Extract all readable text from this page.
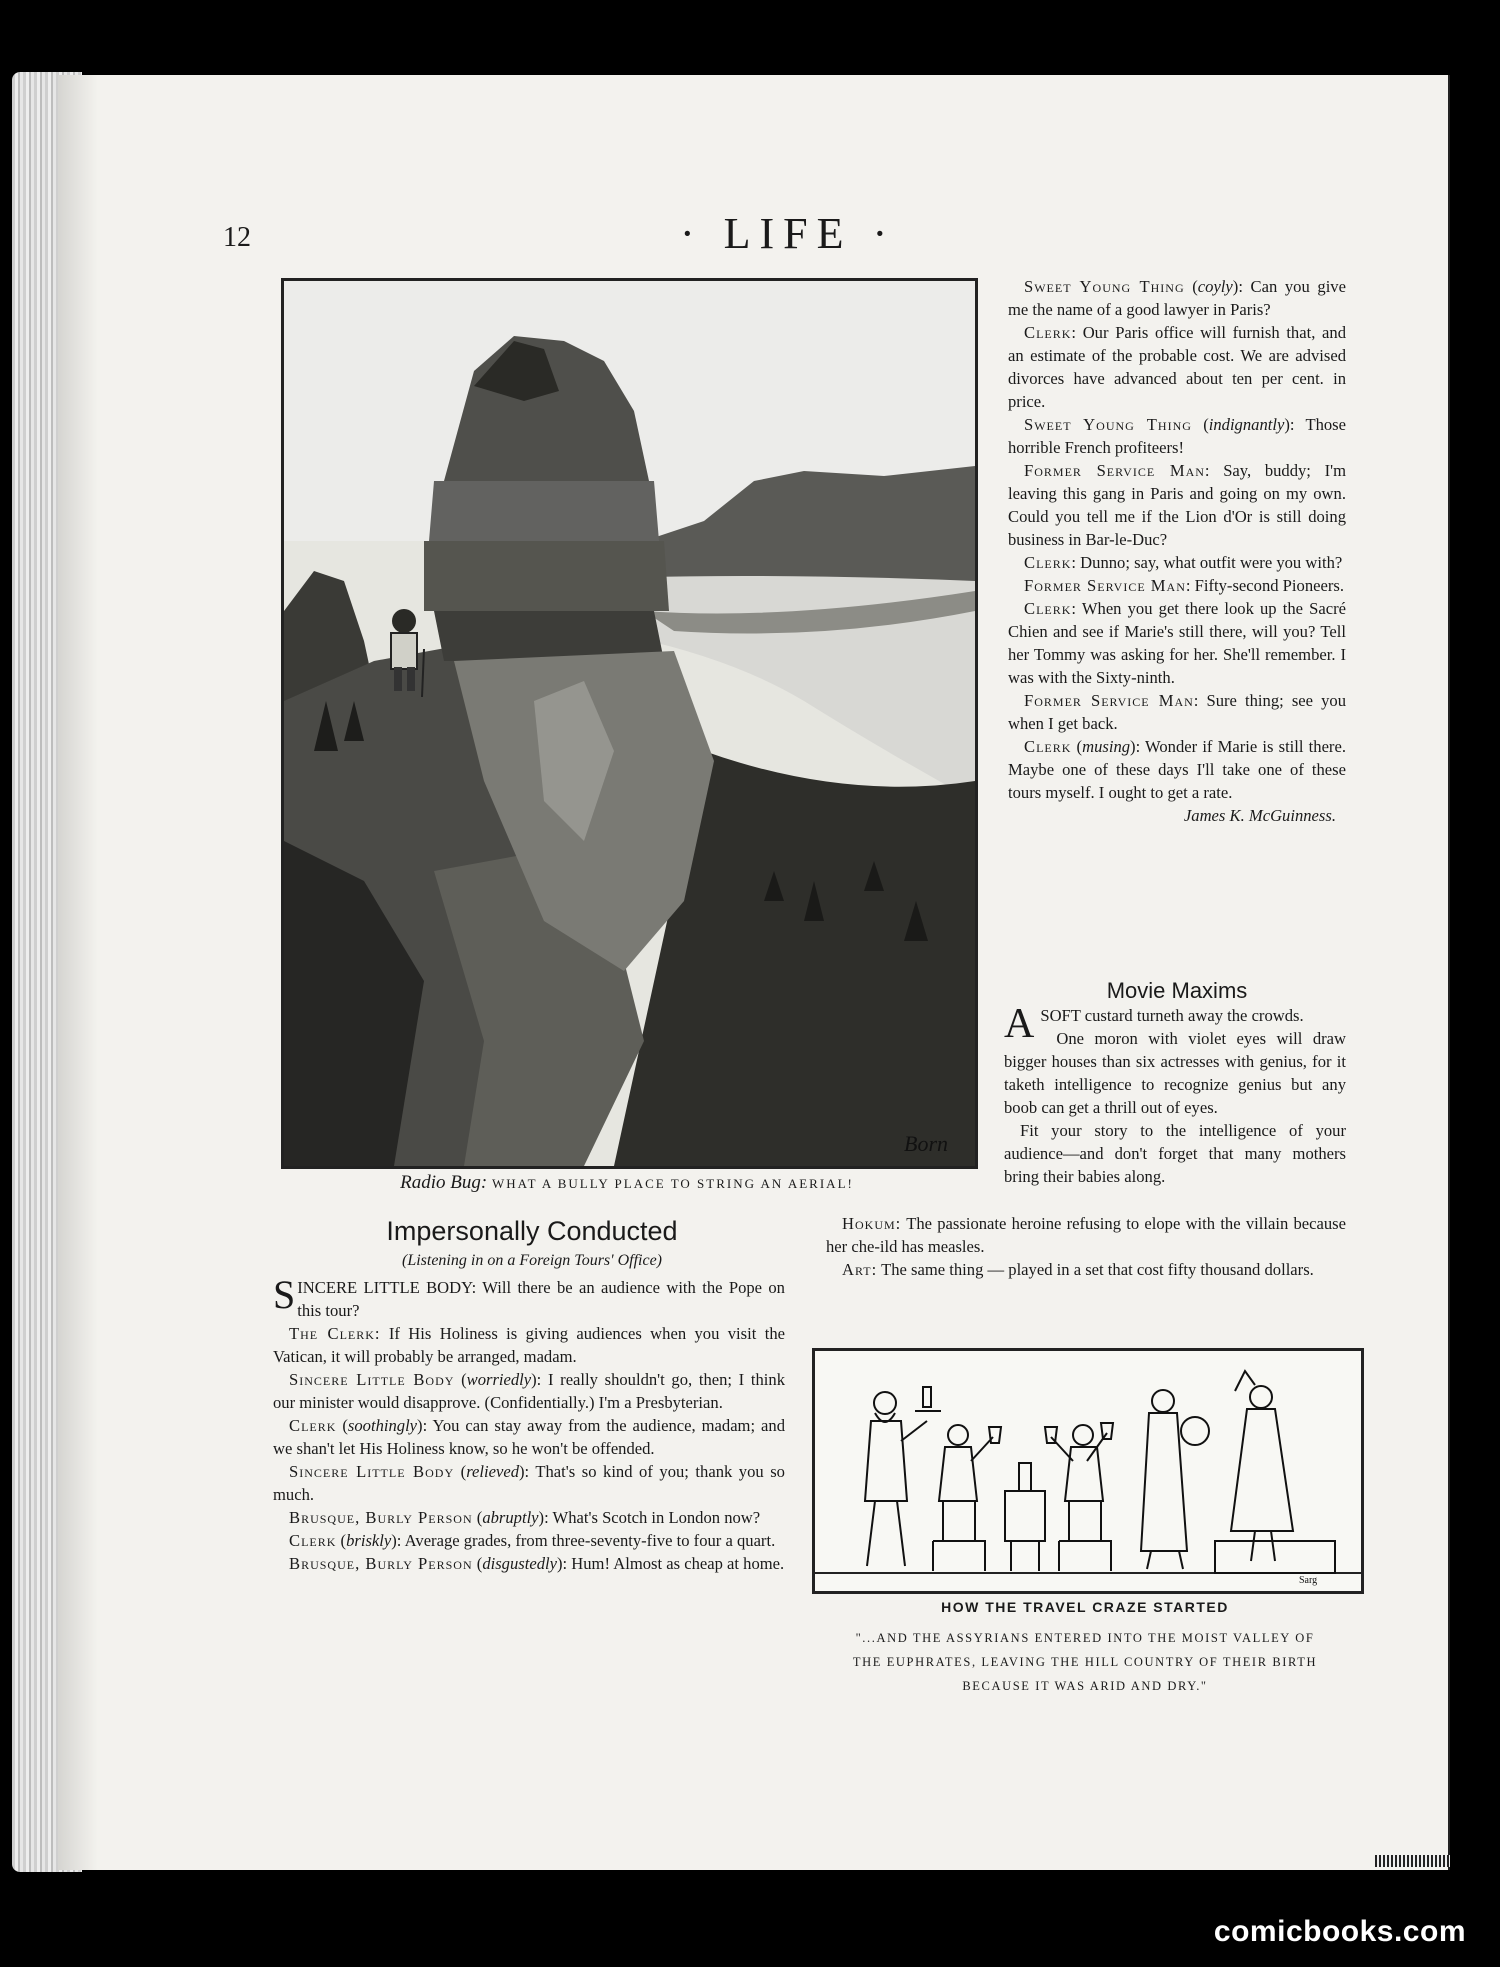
12	· LIFE ·
Born
Radio Bug: WHAT A BULLY PLACE TO STRING AN AERIAL!

Sweet Young Thing (coyly): Can you give me the name of a good lawyer in Paris?

Clerk: Our Paris office will furnish that, and an estimate of the probable cost. We are advised divorces have advanced about ten per cent. in price.

Sweet Young Thing (indignantly): Those horrible French profiteers!

Former Service Man: Say, buddy; I'm leaving this gang in Paris and going on my own. Could you tell me if the Lion d'Or is still doing business in Bar-le-Duc?

Clerk: Dunno; say, what outfit were you with?

Former Service Man: Fifty-second Pioneers.

Clerk: When you get there look up the Sacré Chien and see if Marie's still there, will you? Tell her Tommy was asking for her. She'll remember. I was with the Sixty-ninth.

Former Service Man: Sure thing; see you when I get back.

Clerk (musing): Wonder if Marie is still there. Maybe one of these days I'll take one of these tours myself. I ought to get a rate.

James K. McGuinness.

Movie Maxims

ASOFT custard turneth away the crowds.

One moron with violet eyes will draw bigger houses than six actresses with genius, for it taketh intelligence to recognize genius but any boob can get a thrill out of eyes.

Fit your story to the intelligence of your audience—and don't forget that many mothers bring their babies along.

Hokum: The passionate heroine refusing to elope with the villain because her che-ild has measles.

Art: The same thing — played in a set that cost fifty thousand dollars.

Impersonally Conducted
(Listening in on a Foreign Tours' Office)

SINCERE LITTLE BODY: Will there be an audience with the Pope on this tour?

The Clerk: If His Holiness is giving audiences when you visit the Vatican, it will probably be arranged, madam.

Sincere Little Body (worriedly): I really shouldn't go, then; I think our minister would disapprove. (Confidentially.) I'm a Presbyterian.

Clerk (soothingly): You can stay away from the audience, madam; and we shan't let His Holiness know, so he won't be offended.

Sincere Little Body (relieved): That's so kind of you; thank you so much.

Brusque, Burly Person (abruptly): What's Scotch in London now?

Clerk (briskly): Average grades, from three-seventy-five to four a quart.

Brusque, Burly Person (disgustedly): Hum! Almost as cheap at home.

Sarg
HOW THE TRAVEL CRAZE STARTED
"...AND THE ASSYRIANS ENTERED INTO THE MOIST VALLEY OF
THE EUPHRATES, LEAVING THE HILL COUNTRY OF THEIR BIRTH
BECAUSE IT WAS ARID AND DRY."
comicbooks.com
